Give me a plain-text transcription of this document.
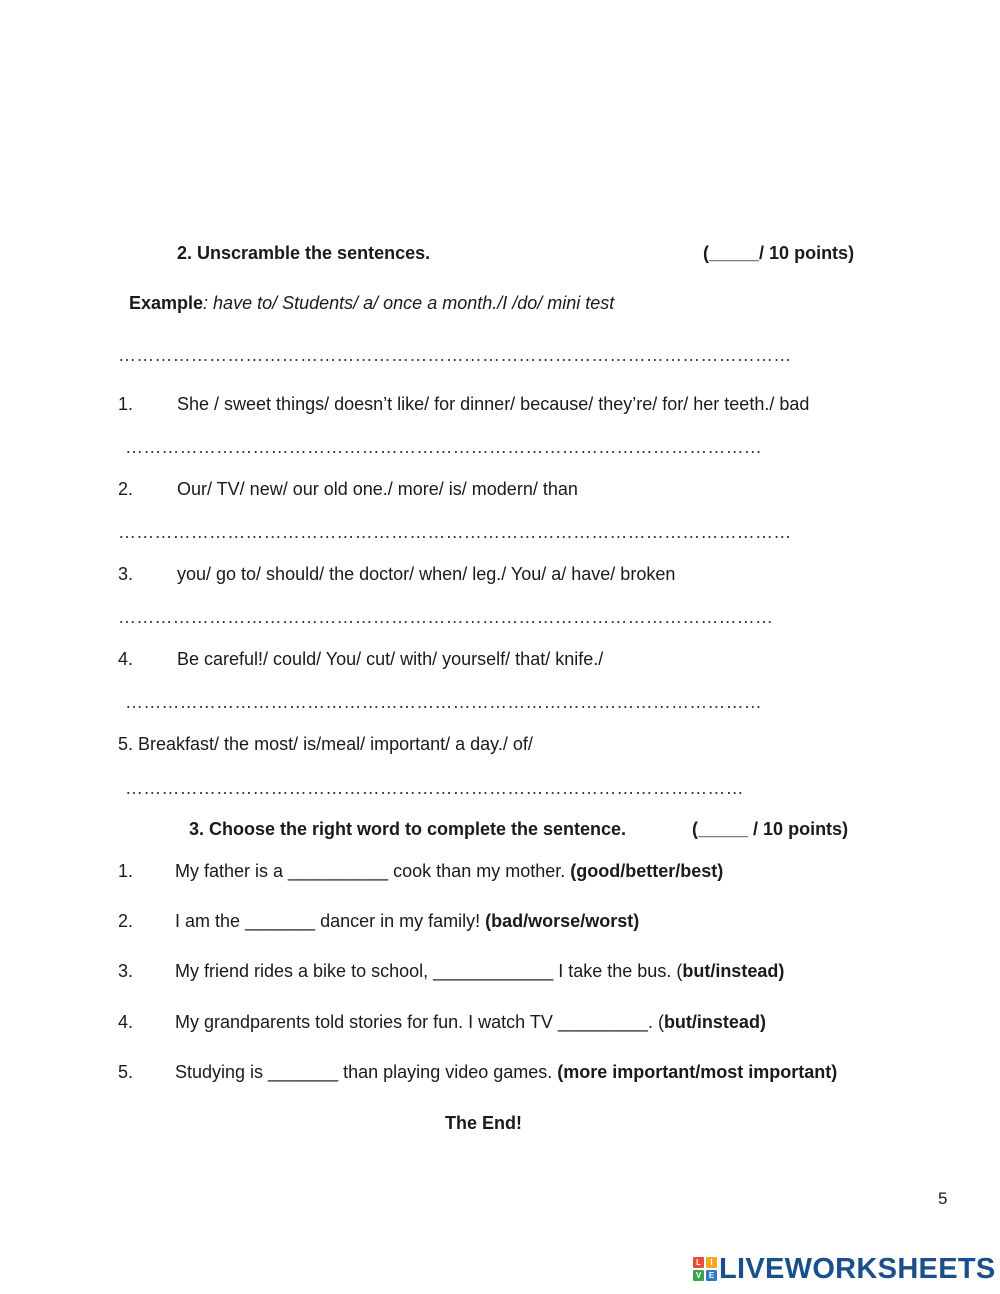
2. Unscramble the sentences.	(_____/ 10 points)
Example: have to/ Students/ a/ once a month./I /do/ mini test
…………………………………………………………………………………………………
1. She / sweet things/ doesn’t like/ for dinner/ because/ they’re/ for/ her teeth./ bad
……………………………………………………………………………………………
2. Our/ TV/ new/ our old one./ more/ is/ modern/ than
…………………………………………………………………………………………………
3. you/ go to/ should/ the doctor/ when/ leg./ You/ a/ have/ broken
………………………………………………………………………………………………
4. Be careful!/ could/ You/ cut/ with/ yourself/ that/ knife./
……………………………………………………………………………………………
5. Breakfast/ the most/ is/meal/ important/ a day./ of/
…………………………………………………………………………………………
3. Choose the right word to complete the sentence.	(_____ / 10 points)
1. My father is a __________ cook than my mother. (good/better/best)
2. I am the _______ dancer in my family! (bad/worse/worst)
3. My friend rides a bike to school, ____________ I take the bus. (but/instead)
4. My grandparents told stories for fun. I watch TV _________. (but/instead)
5. Studying is _______ than playing video games. (more important/most important)
The End!
5
L	I
V E LIVEWORKSHEETS
